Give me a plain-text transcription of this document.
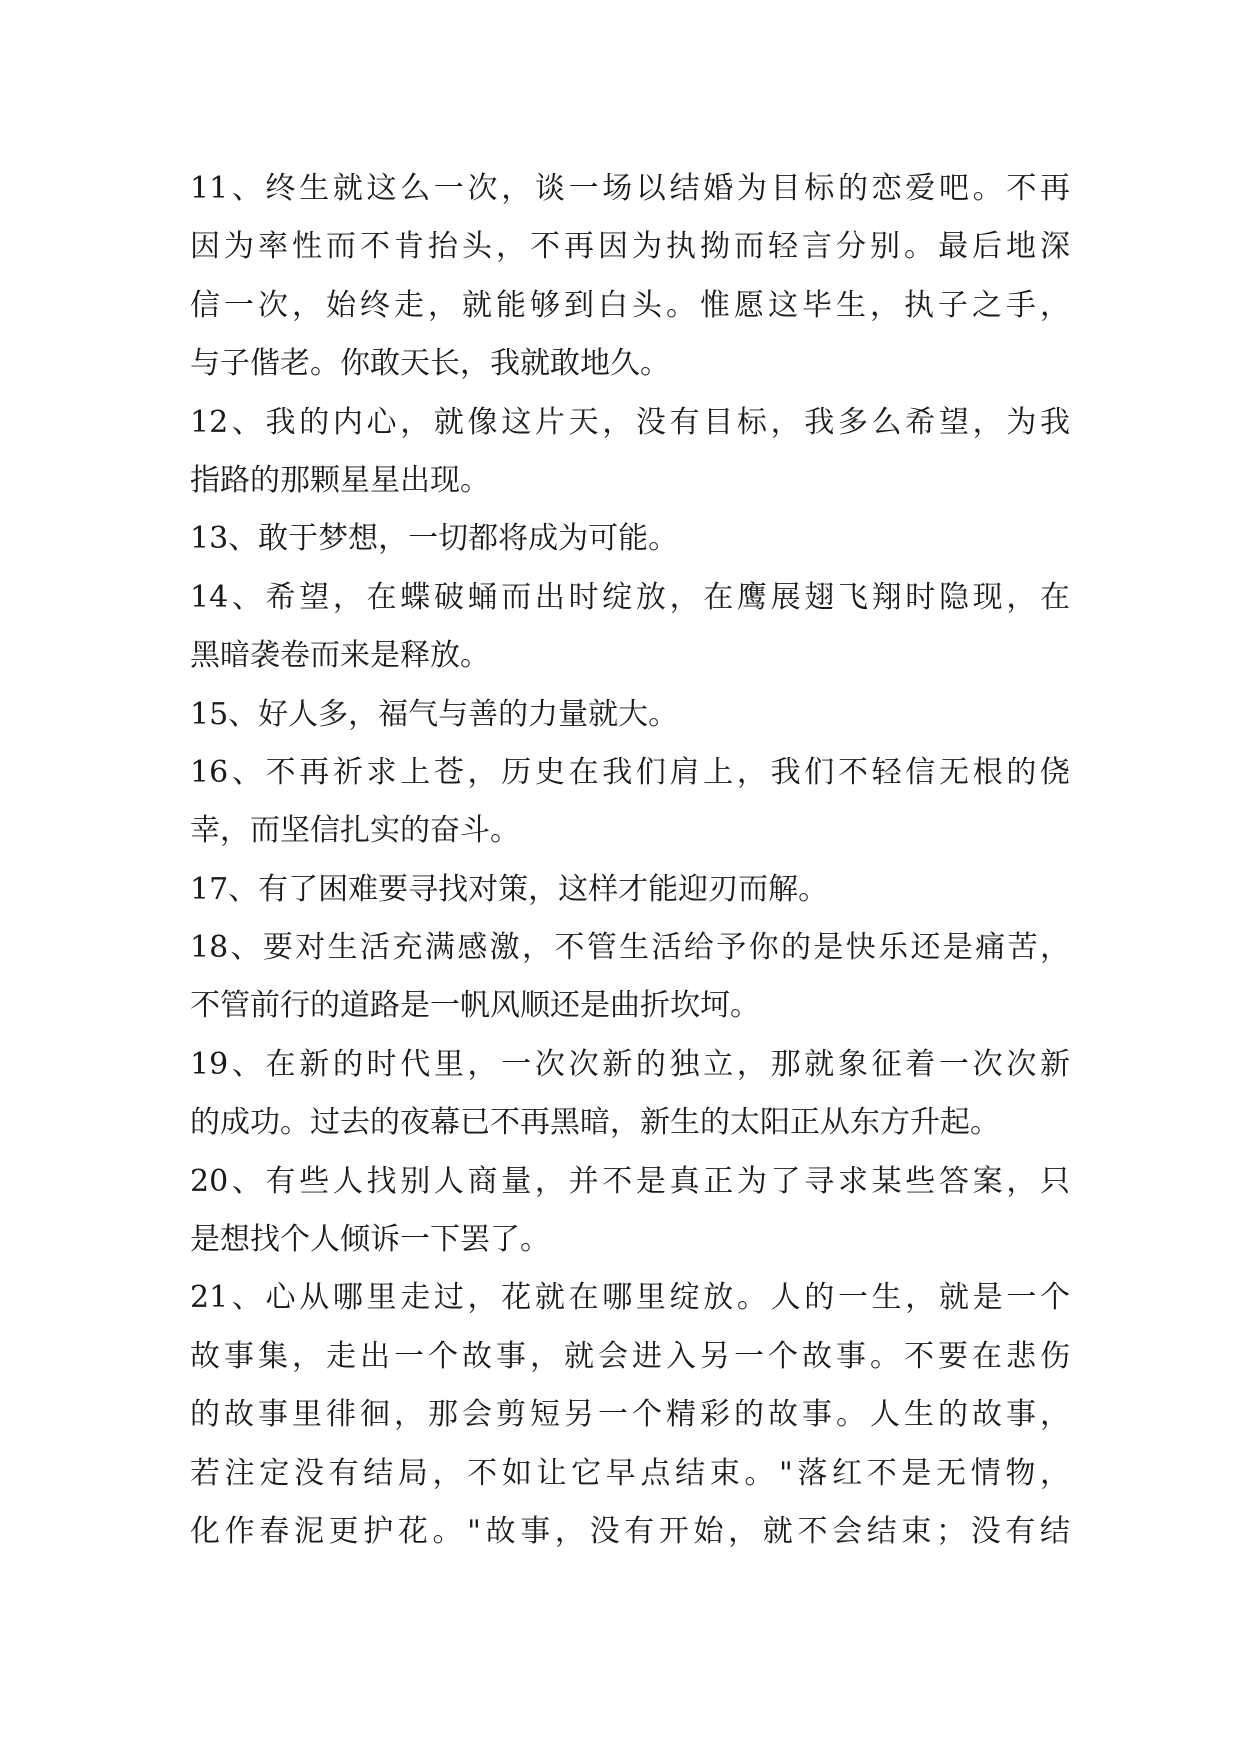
11、终生就这么一次，谈一场以结婚为目标的恋爱吧。不再
因为率性而不肯抬头，不再因为执拗而轻言分别。最后地深
信一次，始终走，就能够到白头。惟愿这毕生，执子之手，
与子偕老。你敢天长，我就敢地久。
12、我的内心，就像这片天，没有目标，我多么希望，为我
指路的那颗星星出现。
13、敢于梦想，一切都将成为可能。
14、希望，在蝶破蛹而出时绽放，在鹰展翅飞翔时隐现，在
黑暗袭卷而来是释放。
15、好人多，福气与善的力量就大。
16、不再祈求上苍，历史在我们肩上，我们不轻信无根的侥
幸，而坚信扎实的奋斗。
17、有了困难要寻找对策，这样才能迎刃而解。
18、要对生活充满感激，不管生活给予你的是快乐还是痛苦，
不管前行的道路是一帆风顺还是曲折坎坷。
19、在新的时代里，一次次新的独立，那就象征着一次次新
的成功。过去的夜幕已不再黑暗，新生的太阳正从东方升起。
20、有些人找别人商量，并不是真正为了寻求某些答案，只
是想找个人倾诉一下罢了。
21、心从哪里走过，花就在哪里绽放。人的一生，就是一个
故事集，走出一个故事，就会进入另一个故事。不要在悲伤
的故事里徘徊，那会剪短另一个精彩的故事。人生的故事，
若注定没有结局，不如让它早点结束。"落红不是无情物，
化作春泥更护花。"故事，没有开始，就不会结束；没有结
